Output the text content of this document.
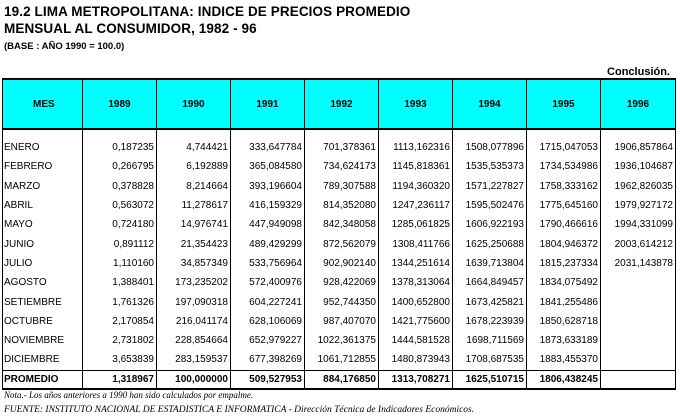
19.2 LIMA METROPOLITANA: INDICE DE PRECIOS PROMEDIO
MENSUAL AL CONSUMIDOR, 1982 - 96
(BASE : AÑO 1990 = 100.0)
Conclusión.
MES	1989	1990	1991	1992	1993	1994	1995	1996

ENERO	0,187235	4,744421	333,647784	701,378361	1113,162316	1508,077896	1715,047053	1906,857864
FEBRERO	0,266795	6,192889	365,084580	734,624173	1145,818361	1535,535373	1734,534986	1936,104687
MARZO	0,378828	8,214664	393,196604	789,307588	1194,360320	1571,227827	1758,333162	1962,826035
ABRIL	0,563072	11,278617	416,159329	814,352080	1247,236117	1595,502476	1775,645160	1979,927172
MAYO	0,724180	14,976741	447,949098	842,348058	1285,061825	1606,922193	1790,466616	1994,331099
JUNIO	0,891112	21,354423	489,429299	872,562079	1308,411766	1625,250688	1804,946372	2003,614212
JULIO	1,110160	34,857349	533,756964	902,902140	1344,251614	1639,713804	1815,237334	2031,143878
AGOSTO	1,388401	173,235202	572,400976	928,422069	1378,313064	1664,849457	1834,075492	
SETIEMBRE	1,761326	197,090318	604,227241	952,744350	1400,652800	1673,425821	1841,255486	
OCTUBRE	2,170854	216,041174	628,106069	987,407070	1421,775600	1678,223939	1850,628718	
NOVIEMBRE	2,731802	228,854664	652,979227	1022,361375	1444,581528	1698,711569	1873,633189	
DICIEMBRE	3,653839	283,159537	677,398269	1061,712855	1480,873943	1708,687535	1883,455370	
PROMEDIO	1,318967	100,000000	509,527953	884,176850	1313,708271	1625,510715	1806,438245	
Nota.- Los años anteriores a 1990 han sido calculados por empalme.
FUENTE: INSTITUTO NACIONAL DE ESTADISTICA E INFORMATICA - Dirección Técnica de Indicadores Económicos.
